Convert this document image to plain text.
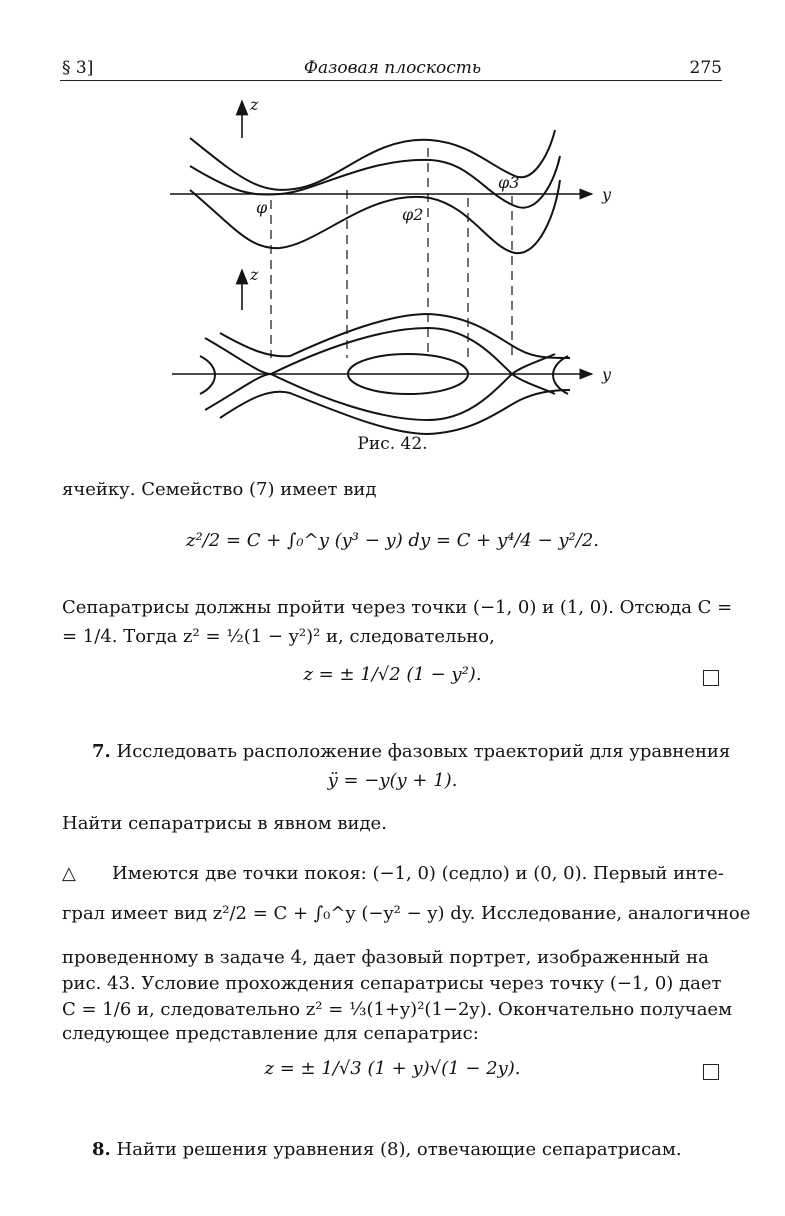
§ 3]	Фазовая плоскость	275
z
y
z
y
φ	φ2
φ3
Рис. 42.
ячейку. Семейство (7) имеет вид
z²/2 = C + ∫₀^y (y³ − y) dy = C + y⁴/4 − y²/2.
Сепаратрисы должны пройти через точки (−1, 0) и (1, 0). Отсюда C =
= 1/4. Тогда z² = ½(1 − y²)² и, следовательно,
z = ± 1/√2 (1 − y²).
7. Исследовать расположение фазовых траекторий для уравнения
ÿ = −y(y + 1).
Найти сепаратрисы в явном виде.
△ Имеются две точки покоя: (−1, 0) (седло) и (0, 0). Первый инте-
грал имеет вид z²/2 = C + ∫₀^y (−y² − y) dy. Исследование, аналогичное
проведенному в задаче 4, дает фазовый портрет, изображенный на
рис. 43. Условие прохождения сепаратрисы через точку (−1, 0) дает
C = 1/6 и, следовательно z² = ⅓(1+y)²(1−2y). Окончательно получаем
следующее представление для сепаратрис:
z = ± 1/√3 (1 + y)√(1 − 2y).
8. Найти решения уравнения (8), отвечающие сепаратрисам.
